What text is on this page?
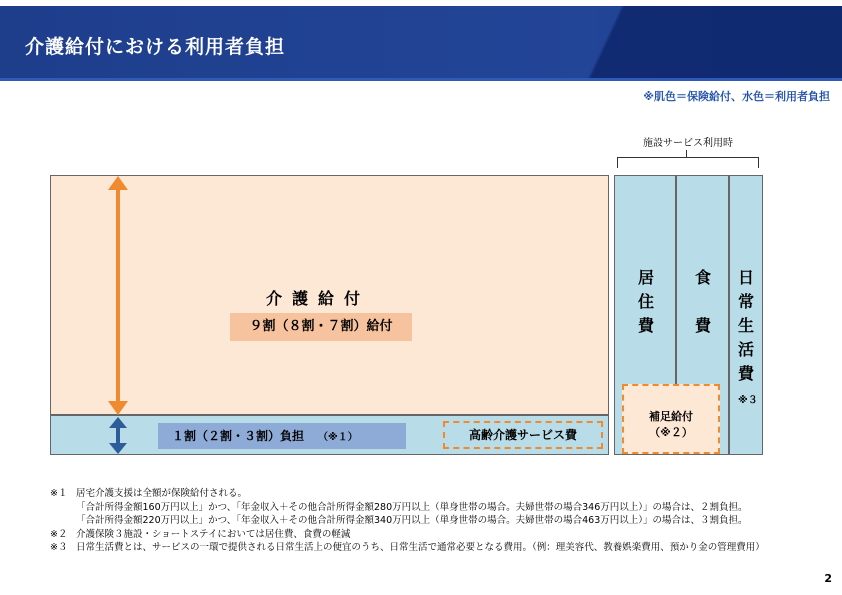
介護給付における利用者負担
※肌色＝保険給付、水色＝利用者負担
施設サービス利用時
介護給付
９割（８割・７割）給付
１割（２割・３割）負担 （※１）	高齢介護サービス費
居
住
費
食
費
日
常
生
活
費
※３
補足給付
（※２）
※１ 居宅介護支援は全額が保険給付される。
「合計所得金額160万円以上」かつ、「年金収入＋その他合計所得金額280万円以上（単身世帯の場合。夫婦世帯の場合346万円以上）」の場合は、２割負担。
「合計所得金額220万円以上」かつ、「年金収入＋その他合計所得金額340万円以上（単身世帯の場合。夫婦世帯の場合463万円以上）」の場合は、３割負担。
※２ 介護保険３施設・ショートステイにおいては居住費、食費の軽減
※３ 日常生活費とは、サービスの一環で提供される日常生活上の便宜のうち、日常生活で通常必要となる費用。（例：理美容代、教養娯楽費用、預かり金の管理費用）
2
